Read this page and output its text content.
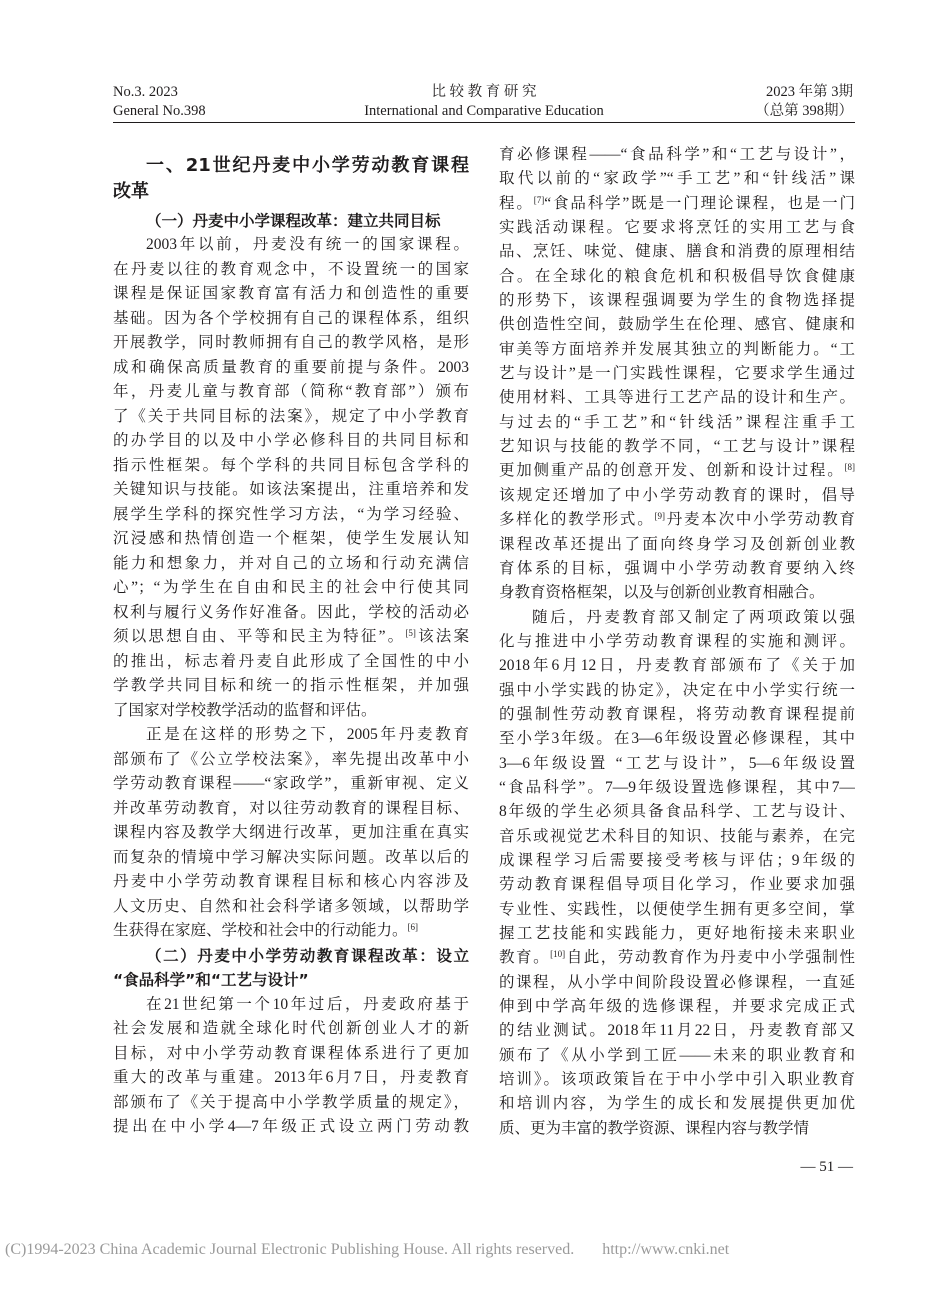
No.3. 2023
General No.398
比 较 教 育 研 究
International and Comparative Education
2023 年第 3期
（总第 398期）
一、21世纪丹麦中小学劳动教育课程
改革
（一）丹麦中小学课程改革：建立共同目标
2003年以前，丹麦没有统一的国家课程。
在丹麦以往的教育观念中，不设置统一的国家
课程是保证国家教育富有活力和创造性的重要
基础。因为各个学校拥有自己的课程体系，组织
开展教学，同时教师拥有自己的教学风格，是形
成和确保高质量教育的重要前提与条件。2003
年，丹麦儿童与教育部（简称“教育部”）颁布
了《关于共同目标的法案》，规定了中小学教育
的办学目的以及中小学必修科目的共同目标和
指示性框架。每个学科的共同目标包含学科的
关键知识与技能。如该法案提出，注重培养和发
展学生学科的探究性学习方法，“为学习经验、
沉浸感和热情创造一个框架，使学生发展认知
能力和想象力，并对自己的立场和行动充满信
心”；“为学生在自由和民主的社会中行使其同
权利与履行义务作好准备。因此，学校的活动必
须以思想自由、平等和民主为特征”。[5]该法案
的推出，标志着丹麦自此形成了全国性的中小
学教学共同目标和统一的指示性框架，并加强
了国家对学校教学活动的监督和评估。
正是在这样的形势之下，2005年丹麦教育
部颁布了《公立学校法案》，率先提出改革中小
学劳动教育课程——“家政学”，重新审视、定义
并改革劳动教育，对以往劳动教育的课程目标、
课程内容及教学大纲进行改革，更加注重在真实
而复杂的情境中学习解决实际问题。改革以后的
丹麦中小学劳动教育课程目标和核心内容涉及
人文历史、自然和社会科学诸多领域，以帮助学
生获得在家庭、学校和社会中的行动能力。[6]
（二）丹麦中小学劳动教育课程改革：设立
“食品科学”和“工艺与设计”
在21世纪第一个10年过后，丹麦政府基于
社会发展和造就全球化时代创新创业人才的新
目标，对中小学劳动教育课程体系进行了更加
重大的改革与重建。2013年6月7日，丹麦教育
部颁布了《关于提高中小学教学质量的规定》，
提出在中小学4—7年级正式设立两门劳动教
育必修课程——“食品科学”和“工艺与设计”，
取代以前的“家政学”“手工艺”和“针线活”课
程。[7]“食品科学”既是一门理论课程，也是一门
实践活动课程。它要求将烹饪的实用工艺与食
品、烹饪、味觉、健康、膳食和消费的原理相结
合。在全球化的粮食危机和积极倡导饮食健康
的形势下，该课程强调要为学生的食物选择提
供创造性空间，鼓励学生在伦理、感官、健康和
审美等方面培养并发展其独立的判断能力。“工
艺与设计”是一门实践性课程，它要求学生通过
使用材料、工具等进行工艺产品的设计和生产。
与过去的“手工艺”和“针线活”课程注重手工
艺知识与技能的教学不同，“工艺与设计”课程
更加侧重产品的创意开发、创新和设计过程。[8]
该规定还增加了中小学劳动教育的课时，倡导
多样化的教学形式。[9]丹麦本次中小学劳动教育
课程改革还提出了面向终身学习及创新创业教
育体系的目标，强调中小学劳动教育要纳入终
身教育资格框架，以及与创新创业教育相融合。
随后，丹麦教育部又制定了两项政策以强
化与推进中小学劳动教育课程的实施和测评。
2018年6月12日，丹麦教育部颁布了《关于加
强中小学实践的协定》，决定在中小学实行统一
的强制性劳动教育课程，将劳动教育课程提前
至小学3年级。在3—6年级设置必修课程，其中
3—6年级设置 “工艺与设计”，5—6年级设置
“食品科学”。7—9年级设置选修课程，其中7—
8年级的学生必须具备食品科学、工艺与设计、
音乐或视觉艺术科目的知识、技能与素养，在完
成课程学习后需要接受考核与评估；9年级的
劳动教育课程倡导项目化学习，作业要求加强
专业性、实践性，以便使学生拥有更多空间，掌
握工艺技能和实践能力，更好地衔接未来职业
教育。[10]自此，劳动教育作为丹麦中小学强制性
的课程，从小学中间阶段设置必修课程，一直延
伸到中学高年级的选修课程，并要求完成正式
的结业测试。2018年11月22日，丹麦教育部又
颁布了《从小学到工匠——未来的职业教育和
培训》。该项政策旨在于中小学中引入职业教育
和培训内容，为学生的成长和发展提供更加优
质、更为丰富的教学资源、课程内容与教学情
— 51 —
(C)1994-2023 China Academic Journal Electronic Publishing House. All rights reserved. http://www.cnki.net
